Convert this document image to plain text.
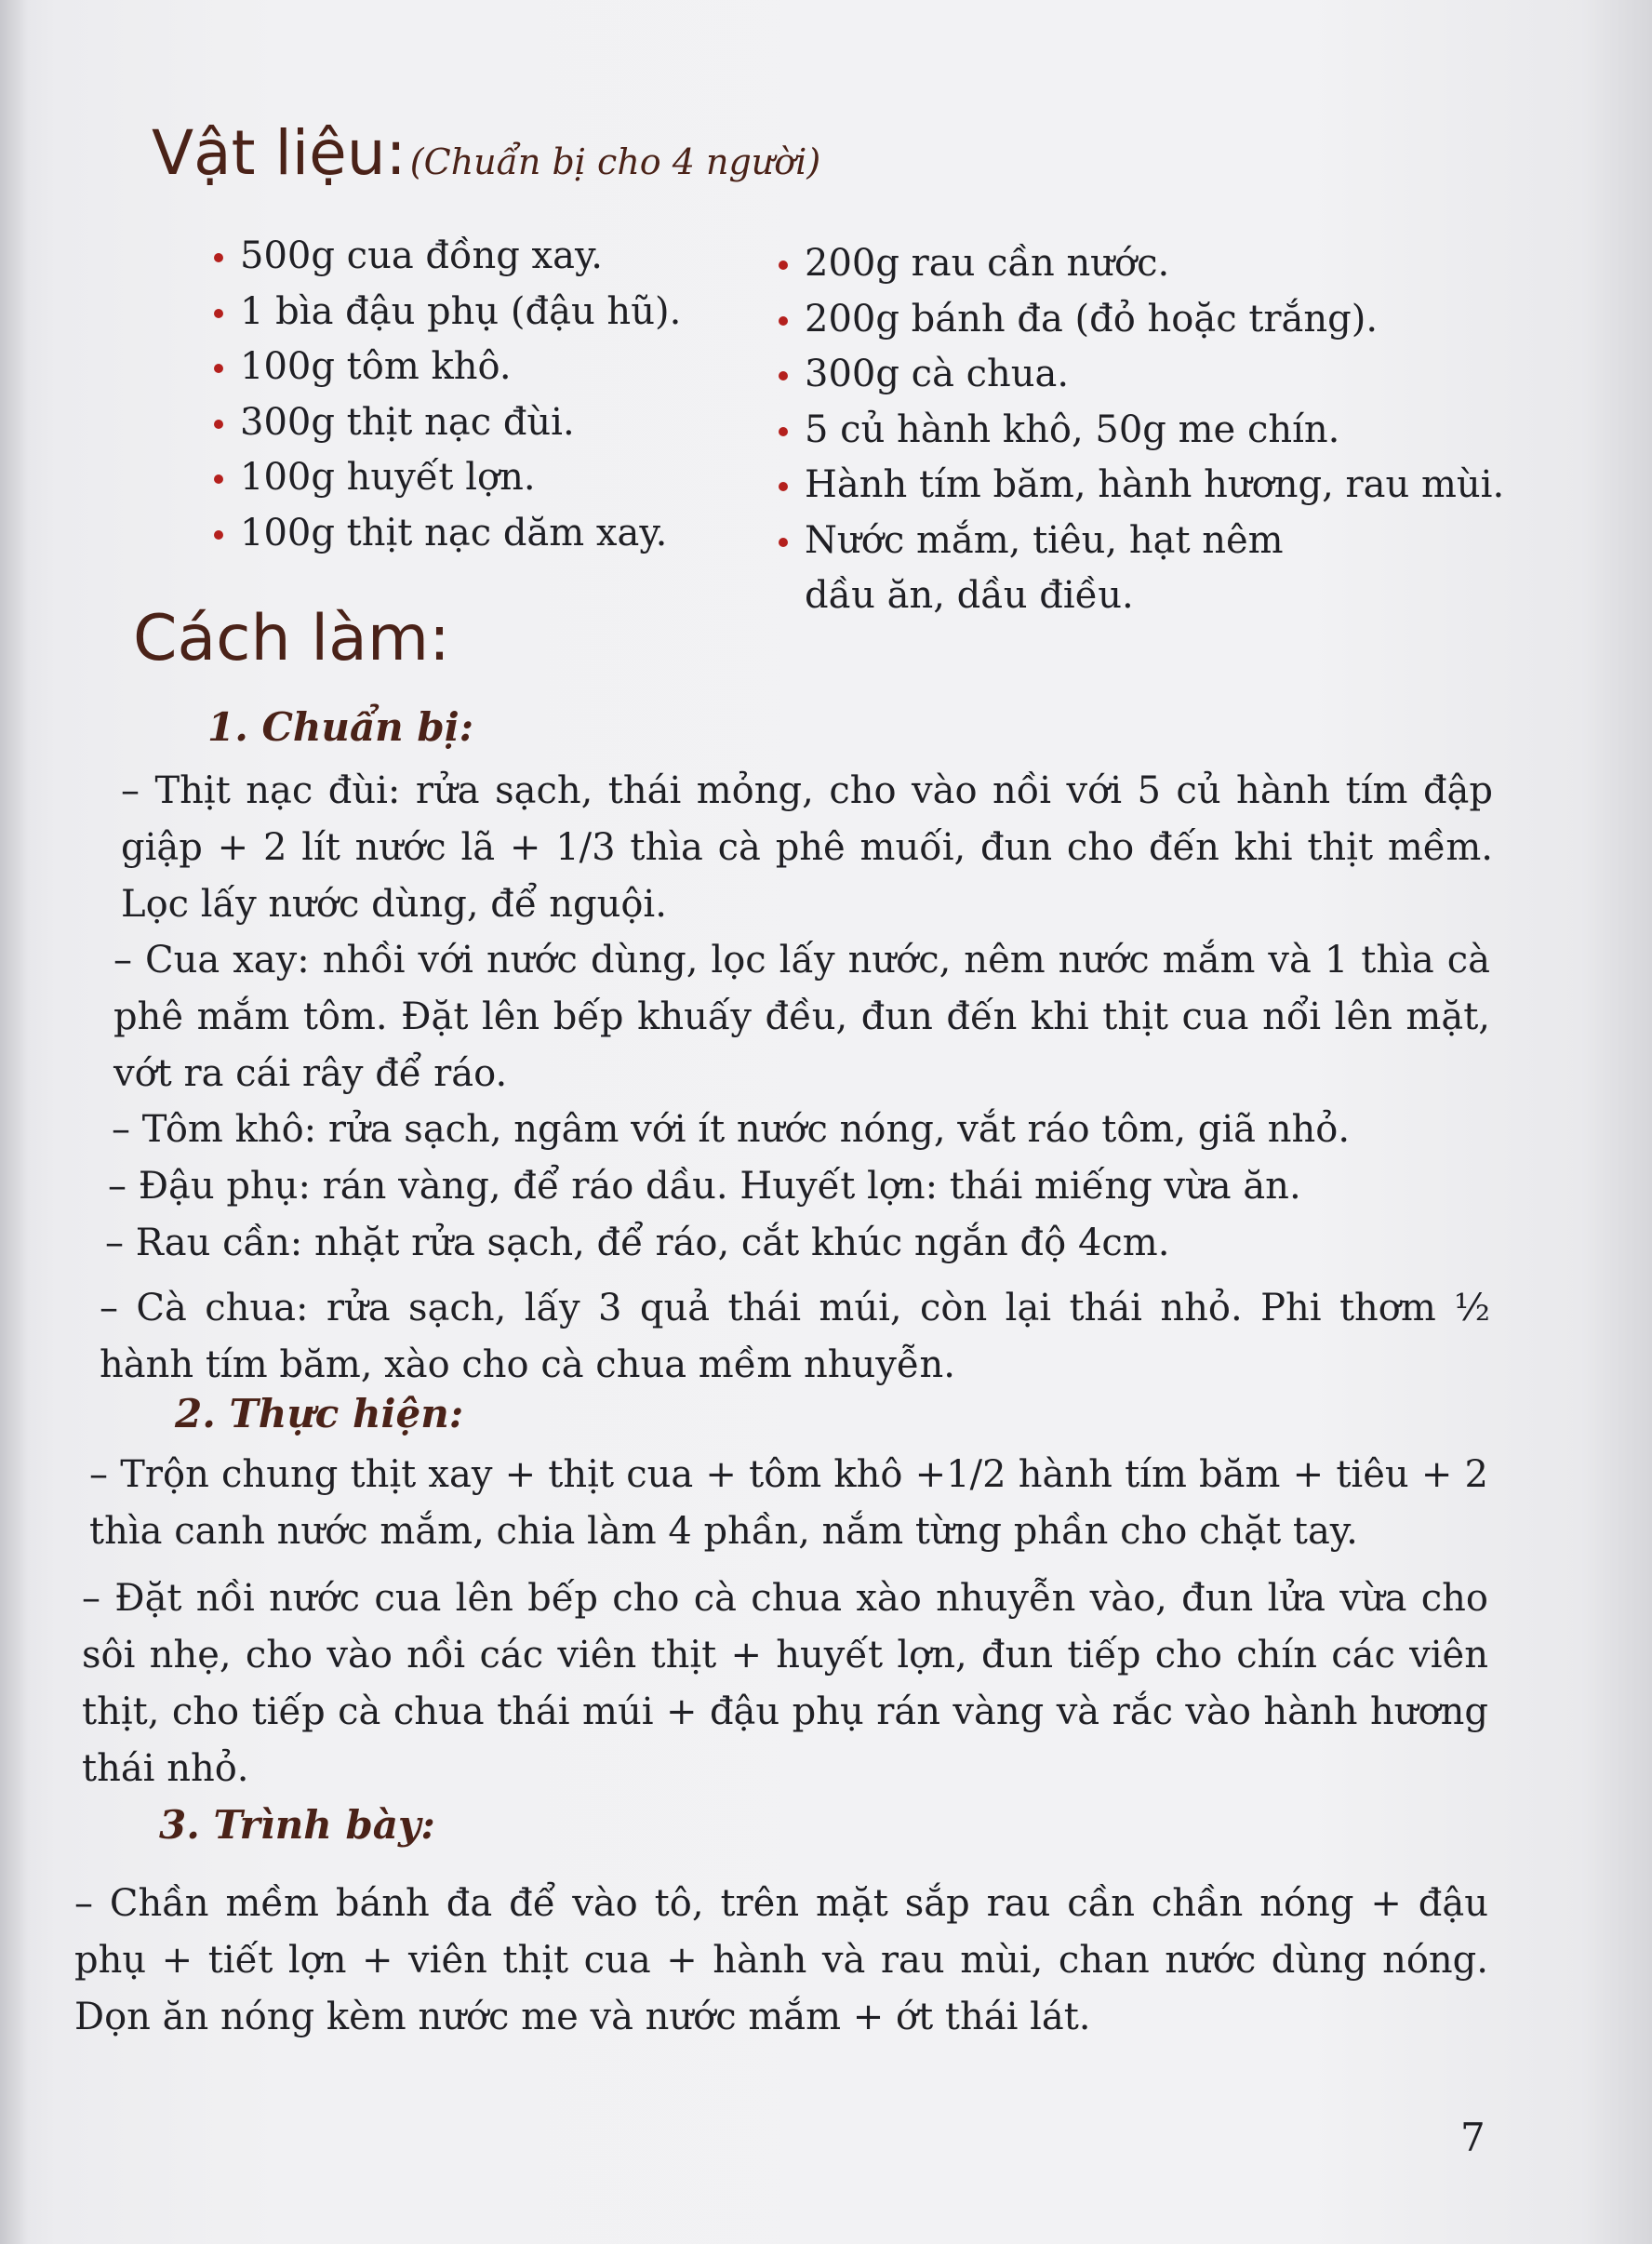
Vật liệu: (Chuẩn bị cho 4 người)
500g cua đồng xay.
1 bìa đậu phụ (đậu hũ).
100g tôm khô.
300g thịt nạc đùi.
100g huyết lợn.
100g thịt nạc dăm xay.
200g rau cần nước.
200g bánh đa (đỏ hoặc trắng).
300g cà chua.
5 củ hành khô, 50g me chín.
Hành tím băm, hành hương, rau mùi.
Nước mắm, tiêu, hạt nêm
dầu ăn, dầu điều.
Cách làm:
1. Chuẩn bị:

– Thịt nạc đùi: rửa sạch, thái mỏng, cho vào nồi với 5 củ hành tím đập giập + 2 lít nước lã + 1/3 thìa cà phê muối, đun cho đến khi thịt mềm. Lọc lấy nước dùng, để nguội.

– Cua xay: nhồi với nước dùng, lọc lấy nước, nêm nước mắm và 1 thìa cà phê mắm tôm. Đặt lên bếp khuấy đều, đun đến khi thịt cua nổi lên mặt, vớt ra cái rây để ráo.

– Tôm khô: rửa sạch, ngâm với ít nước nóng, vắt ráo tôm, giã nhỏ.

– Đậu phụ: rán vàng, để ráo dầu. Huyết lợn: thái miếng vừa ăn.

– Rau cần: nhặt rửa sạch, để ráo, cắt khúc ngắn độ 4cm.

– Cà chua: rửa sạch, lấy 3 quả thái múi, còn lại thái nhỏ. Phi thơm ½ hành tím băm, xào cho cà chua mềm nhuyễn.

2. Thực hiện:

– Trộn chung thịt xay + thịt cua + tôm khô +1/2 hành tím băm + tiêu + 2 thìa canh nước mắm, chia làm 4 phần, nắm từng phần cho chặt tay.

– Đặt nồi nước cua lên bếp cho cà chua xào nhuyễn vào, đun lửa vừa cho sôi nhẹ, cho vào nồi các viên thịt + huyết lợn, đun tiếp cho chín các viên thịt, cho tiếp cà chua thái múi + đậu phụ rán vàng và rắc vào hành hương thái nhỏ.

3. Trình bày:

– Chần mềm bánh đa để vào tô, trên mặt sắp rau cần chần nóng + đậu phụ + tiết lợn + viên thịt cua + hành và rau mùi, chan nước dùng nóng. Dọn ăn nóng kèm nước me và nước mắm + ớt thái lát.

7
